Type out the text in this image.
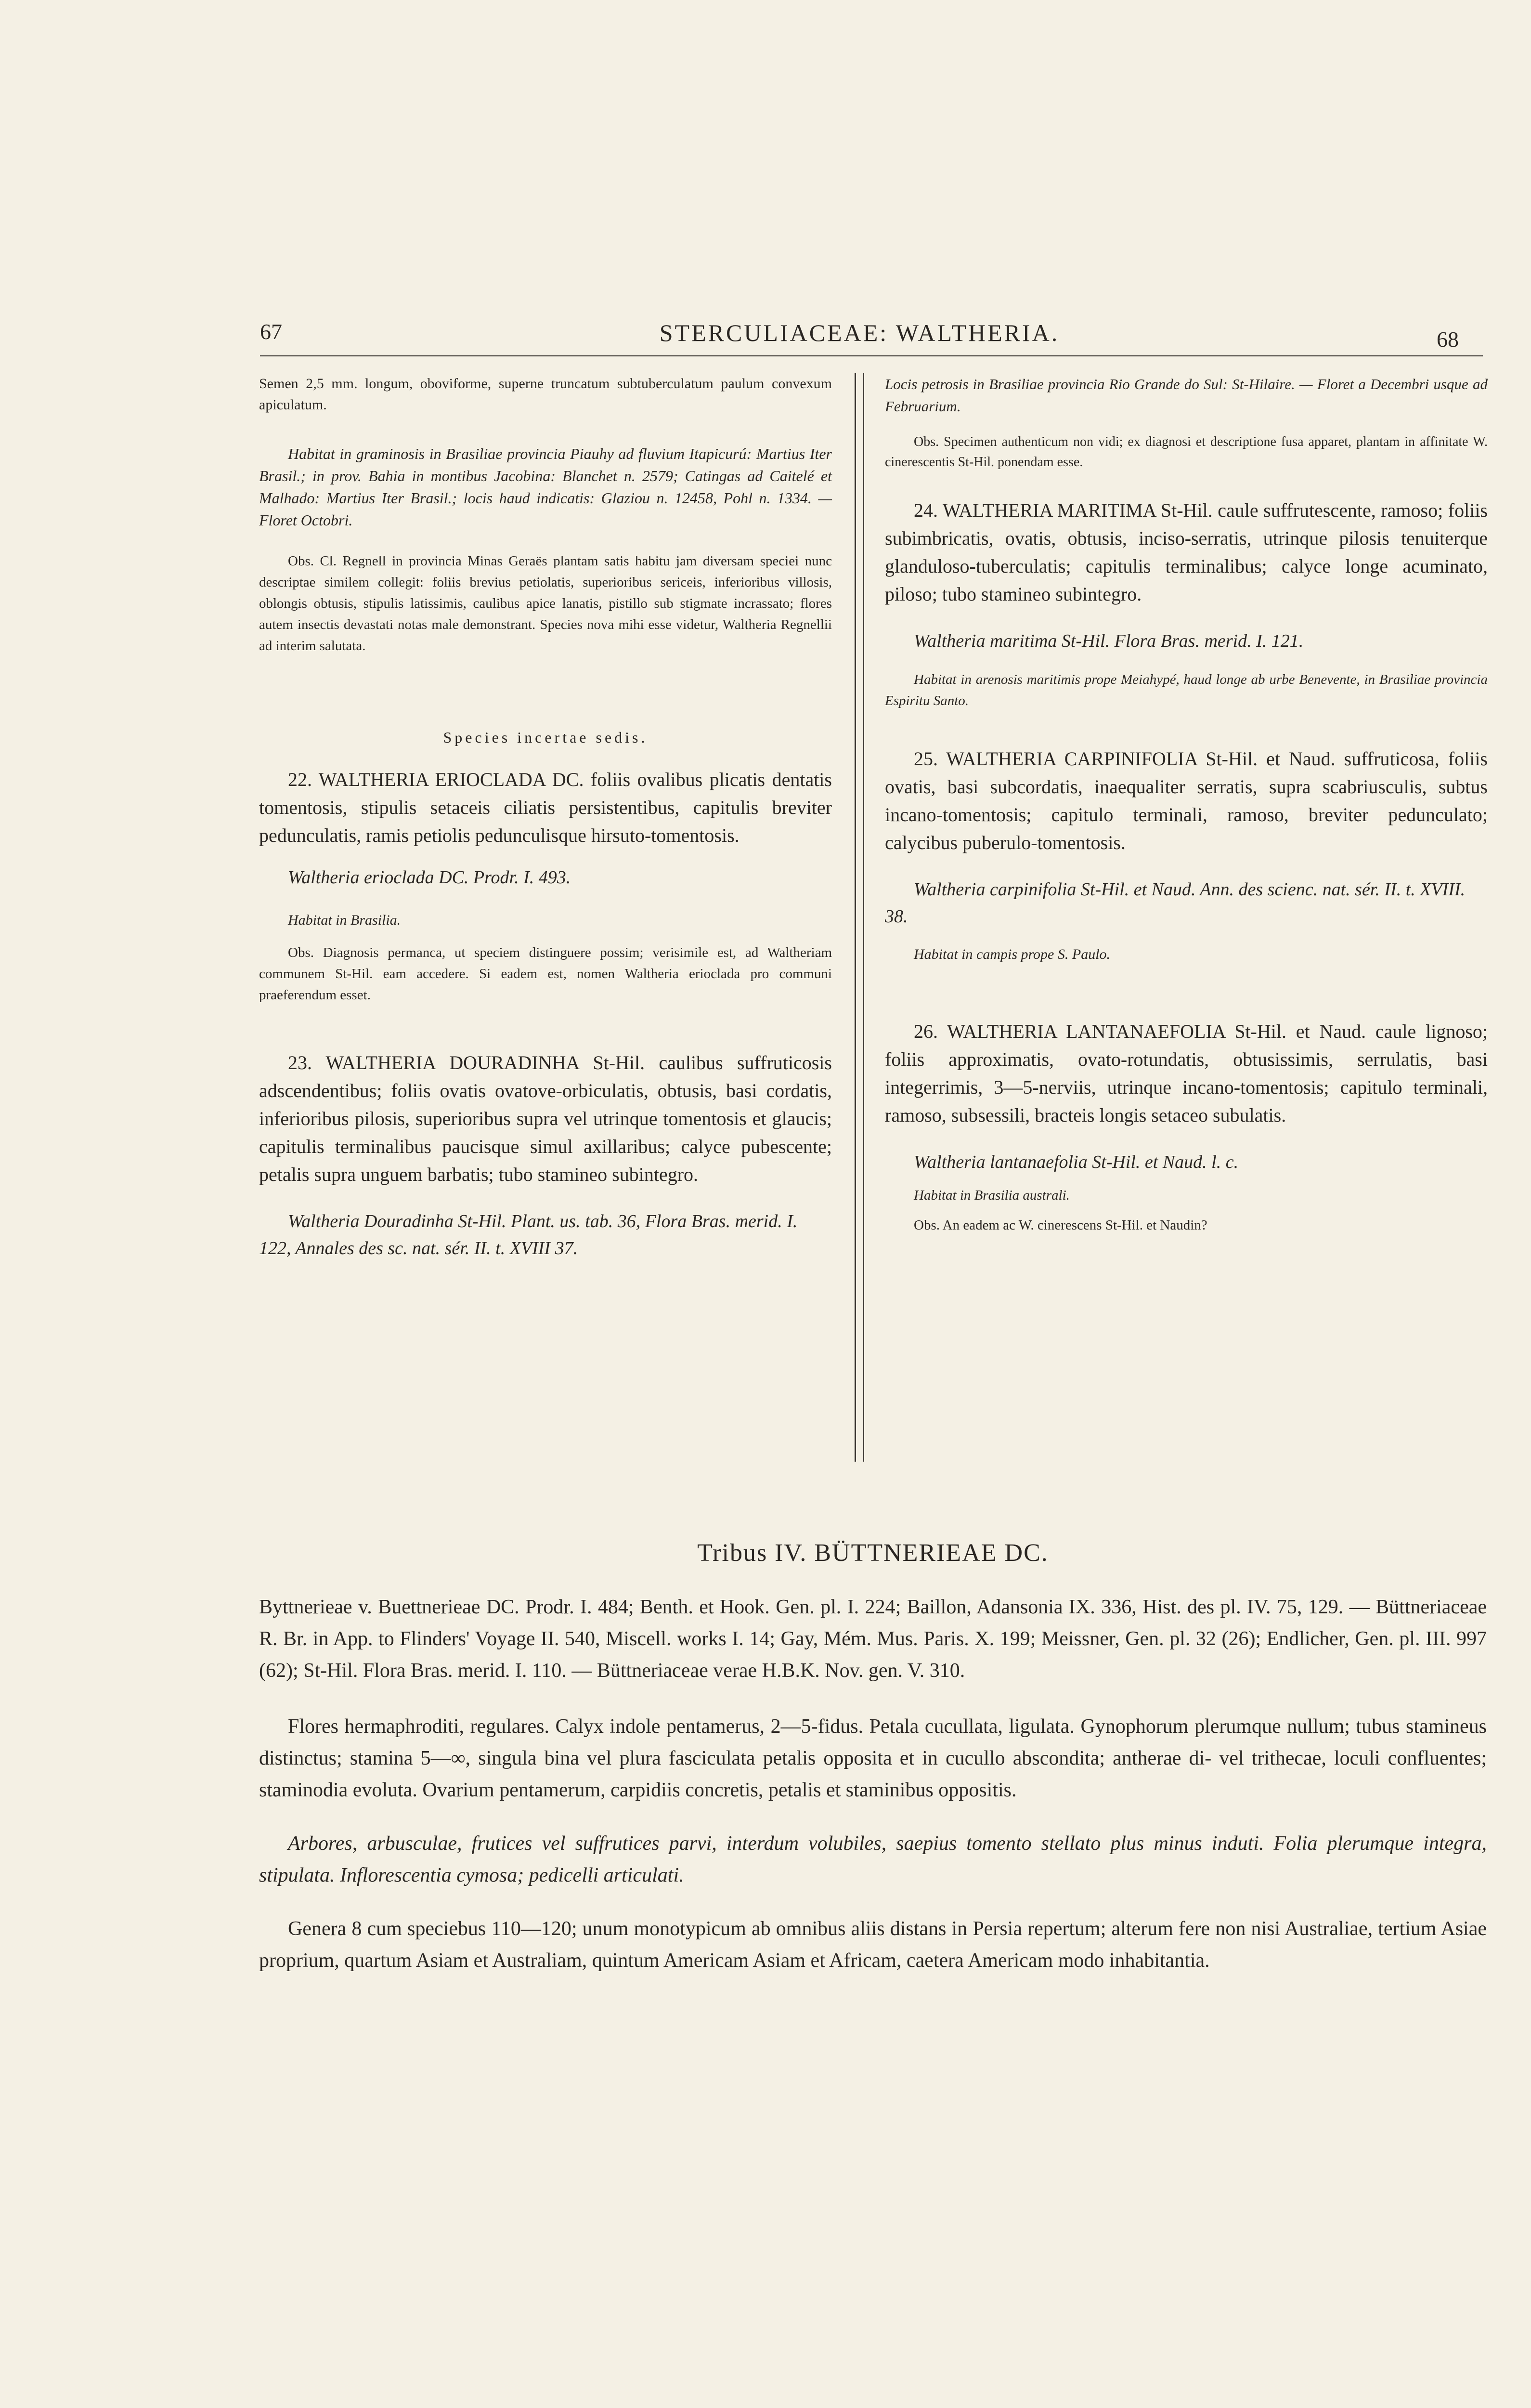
67	STERCULIACEAE: WALTHERIA.	68

Semen 2,5 mm. longum, oboviforme, superne truncatum subtuberculatum paulum convexum apiculatum.

Habitat in graminosis in Brasiliae provincia Piauhy ad fluvium Itapicurú: Martius Iter Brasil.; in prov. Bahia in montibus Jacobina: Blanchet n. 2579; Catingas ad Caitelé et Malhado: Martius Iter Brasil.; locis haud indicatis: Glaziou n. 12458, Pohl n. 1334. — Floret Octobri.

Obs. Cl. Regnell in provincia Minas Geraës plantam satis habitu jam diversam speciei nunc descriptae similem collegit: foliis brevius petiolatis, superioribus sericeis, inferioribus villosis, oblongis obtusis, stipulis latissimis, caulibus apice lanatis, pistillo sub stigmate incrassato; flores autem insectis devastati notas male demonstrant. Species nova mihi esse videtur, Waltheria Regnellii ad interim salutata.

Species incertae sedis.

22. WALTHERIA ERIOCLADA DC. foliis ovalibus plicatis dentatis tomentosis, stipulis setaceis ciliatis persistentibus, capitulis breviter pedunculatis, ramis petiolis pedunculisque hirsuto-tomentosis.

Waltheria erioclada DC. Prodr. I. 493.

Habitat in Brasilia.

Obs. Diagnosis permanca, ut speciem distinguere possim; verisimile est, ad Waltheriam communem St-Hil. eam accedere. Si eadem est, nomen Waltheria erioclada pro communi praeferendum esset.

23. WALTHERIA DOURADINHA St-Hil. caulibus suffruticosis adscendentibus; foliis ovatis ovatove-orbiculatis, obtusis, basi cordatis, inferioribus pilosis, superioribus supra vel utrinque tomentosis et glaucis; capitulis terminalibus paucisque simul axillaribus; calyce pubescente; petalis supra unguem barbatis; tubo stamineo subintegro.

Waltheria Douradinha St-Hil. Plant. us. tab. 36, Flora Bras. merid. I. 122, Annales des sc. nat. sér. II. t. XVIII 37.

Locis petrosis in Brasiliae provincia Rio Grande do Sul: St-Hilaire. — Floret a Decembri usque ad Februarium.

Obs. Specimen authenticum non vidi; ex diagnosi et descriptione fusa apparet, plantam in affinitate W. cinerescentis St-Hil. ponendam esse.

24. WALTHERIA MARITIMA St-Hil. caule suffrutescente, ramoso; foliis subimbricatis, ovatis, obtusis, inciso-serratis, utrinque pilosis tenuiterque glanduloso-tuberculatis; capitulis terminalibus; calyce longe acuminato, piloso; tubo stamineo subintegro.

Waltheria maritima St-Hil. Flora Bras. merid. I. 121.

Habitat in arenosis maritimis prope Meiahypé, haud longe ab urbe Benevente, in Brasiliae provincia Espiritu Santo.

25. WALTHERIA CARPINIFOLIA St-Hil. et Naud. suffruticosa, foliis ovatis, basi subcordatis, inaequaliter serratis, supra scabriusculis, subtus incano-tomentosis; capitulo terminali, ramoso, breviter pedunculato; calycibus puberulo-tomentosis.

Waltheria carpinifolia St-Hil. et Naud. Ann. des scienc. nat. sér. II. t. XVIII. 38.

Habitat in campis prope S. Paulo.

26. WALTHERIA LANTANAEFOLIA St-Hil. et Naud. caule lignoso; foliis approximatis, ovato-rotundatis, obtusissimis, serrulatis, basi integerrimis, 3—5-nerviis, utrinque incano-tomentosis; capitulo terminali, ramoso, subsessili, bracteis longis setaceo subulatis.

Waltheria lantanaefolia St-Hil. et Naud. l. c.

Habitat in Brasilia australi.

Obs. An eadem ac W. cinerescens St-Hil. et Naudin?

Tribus IV. BÜTTNERIEAE DC.

Byttnerieae v. Buettnerieae DC. Prodr. I. 484; Benth. et Hook. Gen. pl. I. 224; Baillon, Adansonia IX. 336, Hist. des pl. IV. 75, 129. — Büttneriaceae R. Br. in App. to Flinders' Voyage II. 540, Miscell. works I. 14; Gay, Mém. Mus. Paris. X. 199; Meissner, Gen. pl. 32 (26); Endlicher, Gen. pl. III. 997 (62); St-Hil. Flora Bras. merid. I. 110. — Büttneriaceae verae H.B.K. Nov. gen. V. 310.

Flores hermaphroditi, regulares. Calyx indole pentamerus, 2—5-fidus. Petala cucullata, ligulata. Gynophorum plerumque nullum; tubus stamineus distinctus; stamina 5—∞, singula bina vel plura fasciculata petalis opposita et in cucullo abscondita; antherae di- vel trithecae, loculi confluentes; staminodia evoluta. Ovarium pentamerum, carpidiis concretis, petalis et staminibus oppositis.

Arbores, arbusculae, frutices vel suffrutices parvi, interdum volubiles, saepius tomento stellato plus minus induti. Folia plerumque integra, stipulata. Inflorescentia cymosa; pedicelli articulati.

Genera 8 cum speciebus 110—120; unum monotypicum ab omnibus aliis distans in Persia repertum; alterum fere non nisi Australiae, tertium Asiae proprium, quartum Asiam et Australiam, quintum Americam Asiam et Africam, caetera Americam modo inhabitantia.
